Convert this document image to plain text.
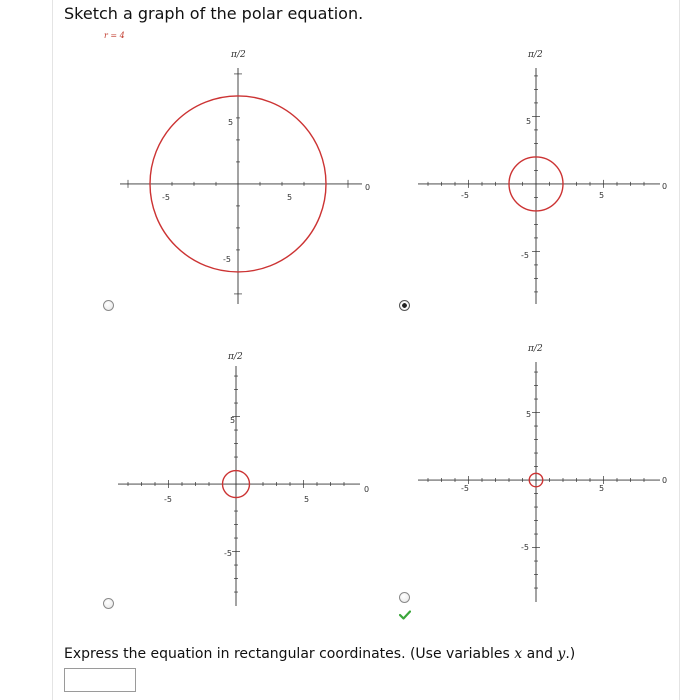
Sketch a graph of the polar equation.
r = 4
π/2
0
-5	5
5
-5
π/2
-5	5
5
-5
0
π/2
-5	5
5
-5
0
π/2
-5	5
5
-5
0
Express the equation in rectangular coordinates. (Use variables x and y.)
